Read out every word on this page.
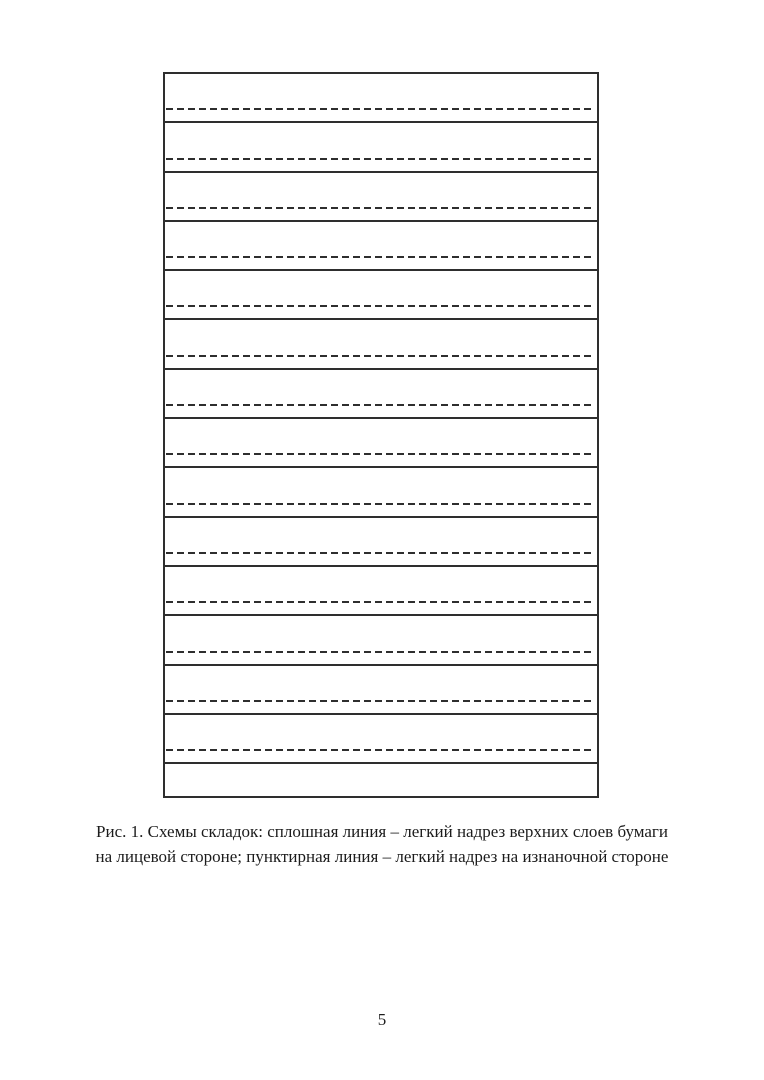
Рис. 1. Схемы складок: сплошная линия – легкий надрез верхних слоев бумаги
на лицевой стороне; пунктирная линия – легкий надрез на изнаночной стороне
5
